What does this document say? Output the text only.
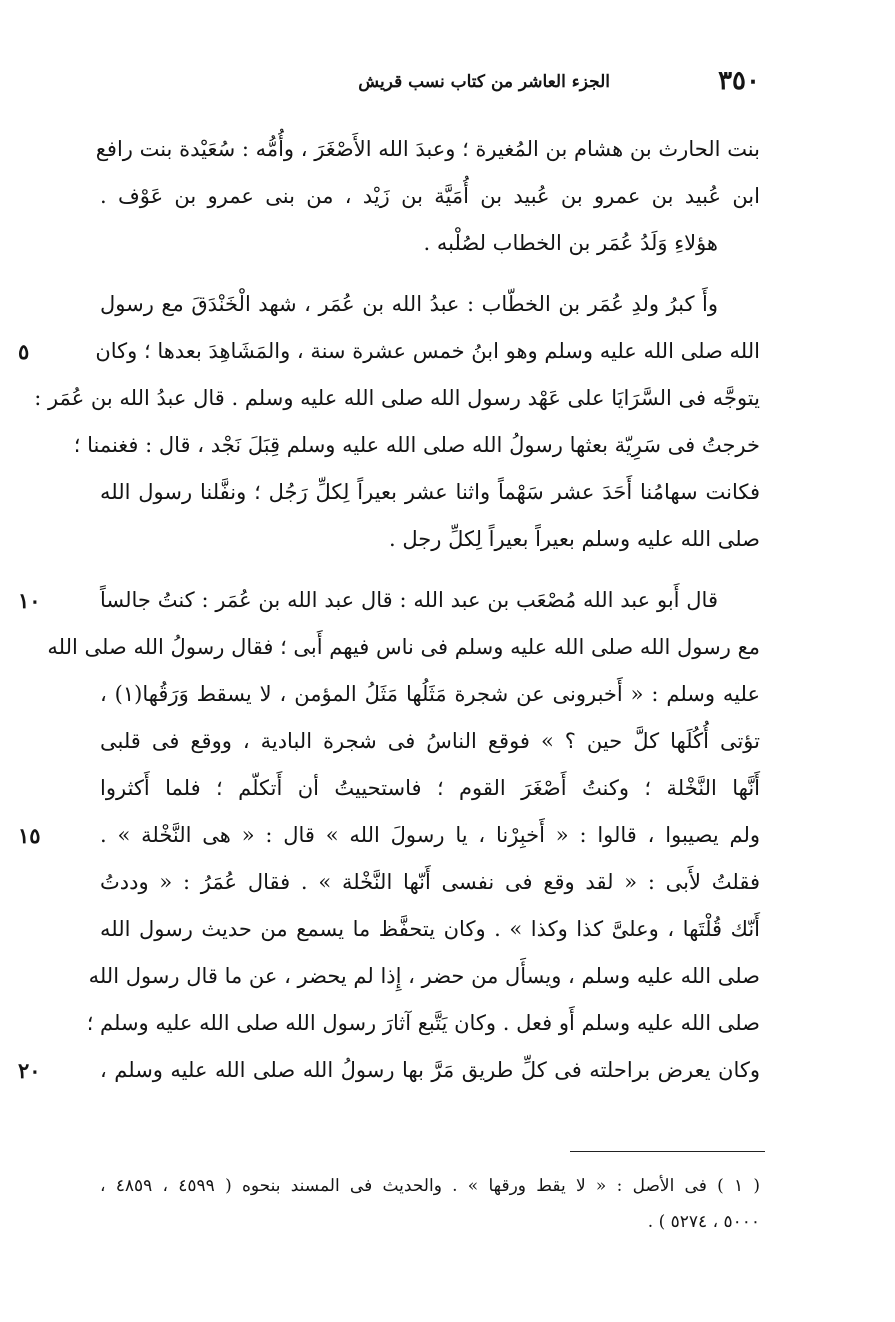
٣٥٠
الجزء العاشر من كتاب نسب قريش
بنت الحارث بن هشام بن المُغيرة ؛ وعبدَ الله الأَصْغَرَ ، وأُمُّه : سُعَيْدة بنت رافع
ابن عُبيد بن عمرو بن عُبيد بن أُمَيَّة بن زَيْد ، من بنى عمرو بن عَوْف .
هؤلاءِ وَلَدُ عُمَر بن الخطاب لصُلْبه .
وأَ كبرُ ولدِ عُمَر بن الخطّاب : عبدُ الله بن عُمَر ، شهد الْخَنْدَقَ مع رسول
الله صلى الله عليه وسلم وهو ابنُ خمس عشرة سنة ، والمَشَاهِدَ بعدها ؛ وكان
٥
يتوجَّه فى السَّرَايَا على عَهْد رسول الله صلى الله عليه وسلم . قال عبدُ الله بن عُمَر :
خرجتُ فى سَرِيّة بعثها رسولُ الله صلى الله عليه وسلم قِبَلَ نَجْد ، قال : فغنمنا ؛
فكانت سهامُنا أَحَدَ عشر سَهْماً واثنا عشر بعيراً لِكلِّ رَجُل ؛ ونفَّلنا رسول الله
صلى الله عليه وسلم بعيراً بعيراً لِكلِّ رجل .
قال أَبو عبد الله مُصْعَب بن عبد الله : قال عبد الله بن عُمَر : كنتُ جالساً
١٠
مع رسول الله صلى الله عليه وسلم فى ناس فيهم أَبى ؛ فقال رسولُ الله صلى الله
عليه وسلم : « أَخبرونى عن شجرة مَثَلُها مَثَلُ المؤمن ، لا يسقط وَرَقُها(١) ،
تؤتى أُكُلَها كلَّ حين ؟ » فوقع الناسُ فى شجرة البادية ، ووقع فى قلبى
أَنَّها النَّخْلة ؛ وكنتُ أَصْغَرَ القوم ؛ فاستحييتُ أن أَتكلّم ؛ فلما أَكثروا
ولم يصيبوا ، قالوا : « أَخبِرْنا ، يا رسولَ الله » قال : « هى النَّخْلة » .
١٥
فقلتُ لأَبى : « لقد وقع فى نفسى أَنّها النَّخْلة » . فقال عُمَرُ : « وددتُ
أَنّك قُلْتَها ، وعلىَّ كذا وكذا » . وكان يتحفَّظ ما يسمع من حديث رسول الله
صلى الله عليه وسلم ، ويسأَل من حضر ، إِذا لم يحضر ، عن ما قال رسول الله
صلى الله عليه وسلم أَو فعل . وكان يَتَّبع آثارَ رسول الله صلى الله عليه وسلم ؛
وكان يعرض براحلته فى كلِّ طريق مَرَّ بها رسولُ الله صلى الله عليه وسلم ،
٢٠
( ١ ) فى الأصل : « لا يقط ورقها » . والحديث فى المسند بنحوه ( ٤٥٩٩ ، ٤٨٥٩ ،
٥٠٠٠ ، ٥٢٧٤ ) .
